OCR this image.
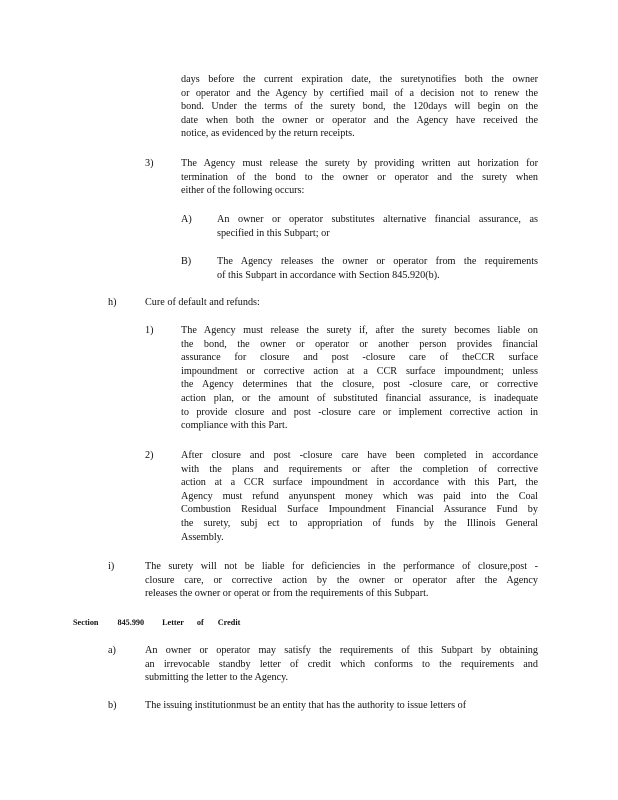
days before the current expiration date, the suretynotifies both the owner
or operator and the Agency by certified mail of a decision not to renew the
bond. Under the terms of the surety bond, the 120days will begin on the
date when both the owner or operator and the Agency have received the
notice, as evidenced by the return receipts.
3)	The Agency must release the surety by providing written aut horization for
termination of the bond to the owner or operator and the surety when
either of the following occurs:
A) An owner or operator substitutes alternative financial assurance, as
specified in this Subpart; or
B)	The Agency releases the owner or operator from the requirements
of this Subpart in accordance with Section 845.920(b).
h)	Cure of default and refunds:
1)	The Agency must release the surety if, after the surety becomes liable on
the bond, the owner or operator or another person provides financial
assurance for closure and post -closure care of theCCR surface
impoundment or corrective action at a CCR surface impoundment; unless
the Agency determines that the closure, post -closure care, or corrective
action plan, or the amount of substituted financial assurance, is inadequate
to provide closure and post -closure care or implement corrective action in
compliance with this Part.
2)	After closure and post -closure care have been completed in accordance
with the plans and requirements or after the completion of corrective
action at a CCR surface impoundment in accordance with this Part, the
Agency must refund anyunspent money which was paid into the Coal
Combustion Residual Surface Impoundment Financial Assurance Fund by
the surety, subj ect to appropriation of funds by the Illinois General
Assembly.
i)	The surety will not be liable for deficiencies in the performance of closure,post -
closure care, or corrective action by the owner or operator after the Agency
releases the owner or operat or from the requirements of this Subpart.
Section 845.990 Letter of Credit
a)	An owner or operator may satisfy the requirements of this Subpart by obtaining
an irrevocable standby letter of credit which conforms to the requirements and
submitting the letter to the Agency.
b)	The issuing institutionmust be an entity that has the authority to issue letters of
